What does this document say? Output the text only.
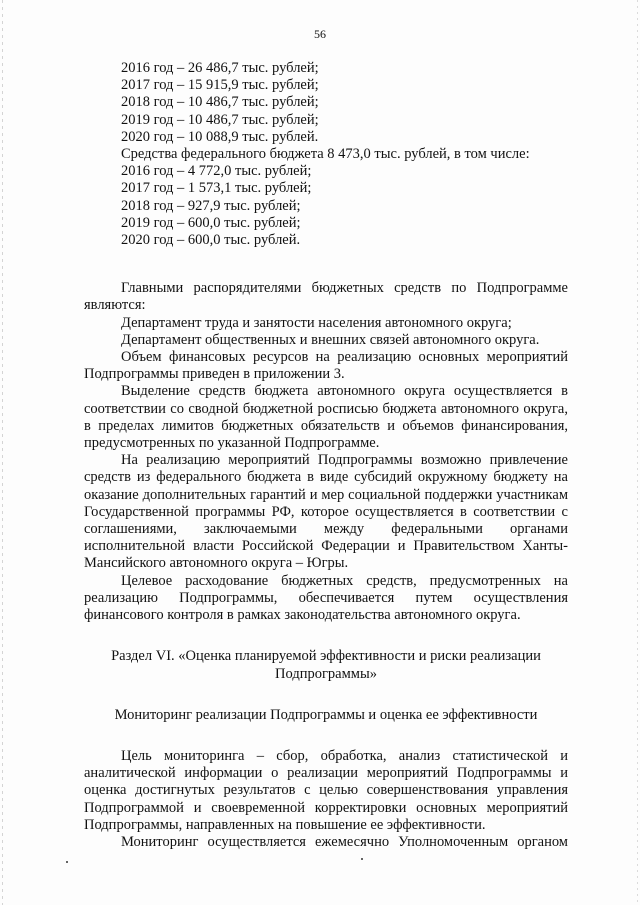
56
2016 год – 26 486,7 тыс. рублей;
2017 год – 15 915,9 тыс. рублей;
2018 год – 10 486,7 тыс. рублей;
2019 год – 10 486,7 тыс. рублей;
2020 год – 10 088,9 тыс. рублей.
Средства федерального бюджета 8 473,0 тыс. рублей, в том числе:
2016 год – 4 772,0 тыс. рублей;
2017 год – 1 573,1 тыс. рублей;
2018 год – 927,9 тыс. рублей;
2019 год – 600,0 тыс. рублей;
2020 год – 600,0 тыс. рублей.

Главными распорядителями бюджетных средств по Подпрограмме

являются:

Департамент труда и занятости населения автономного округа;
Департамент общественных и внешних связей автономного округа.

Объем финансовых ресурсов на реализацию основных мероприятий Подпрограммы приведен в приложении 3.

Выделение средств бюджета автономного округа осуществляется в соответствии со сводной бюджетной росписью бюджета автономного округа, в пределах лимитов бюджетных обязательств и объемов финансирования, предусмотренных по указанной Подпрограмме.

На реализацию мероприятий Подпрограммы возможно привлечение средств из федерального бюджета в виде субсидий окружному бюджету на оказание дополнительных гарантий и мер социальной поддержки участникам Государственной программы РФ, которое осуществляется в соответствии с соглашениями, заключаемыми между федеральными органами исполнительной власти Российской Федерации и Правительством Ханты-Мансийского автономного округа – Югры.

Целевое расходование бюджетных средств, предусмотренных на реализацию Подпрограммы, обеспечивается путем осуществления финансового контроля в рамках законодательства автономного округа.

Раздел VI. «Оценка планируемой эффективности и риски реализации

Подпрограммы»

Мониторинг реализации Подпрограммы и оценка ее эффективности

Цель мониторинга – сбор, обработка, анализ статистической и аналитической информации о реализации мероприятий Подпрограммы и оценка достигнутых результатов с целью совершенствования управления Подпрограммой и своевременной корректировки основных мероприятий Подпрограммы, направленных на повышение ее эффективности.

Мониторинг осуществляется ежемесячно Уполномоченным органом
